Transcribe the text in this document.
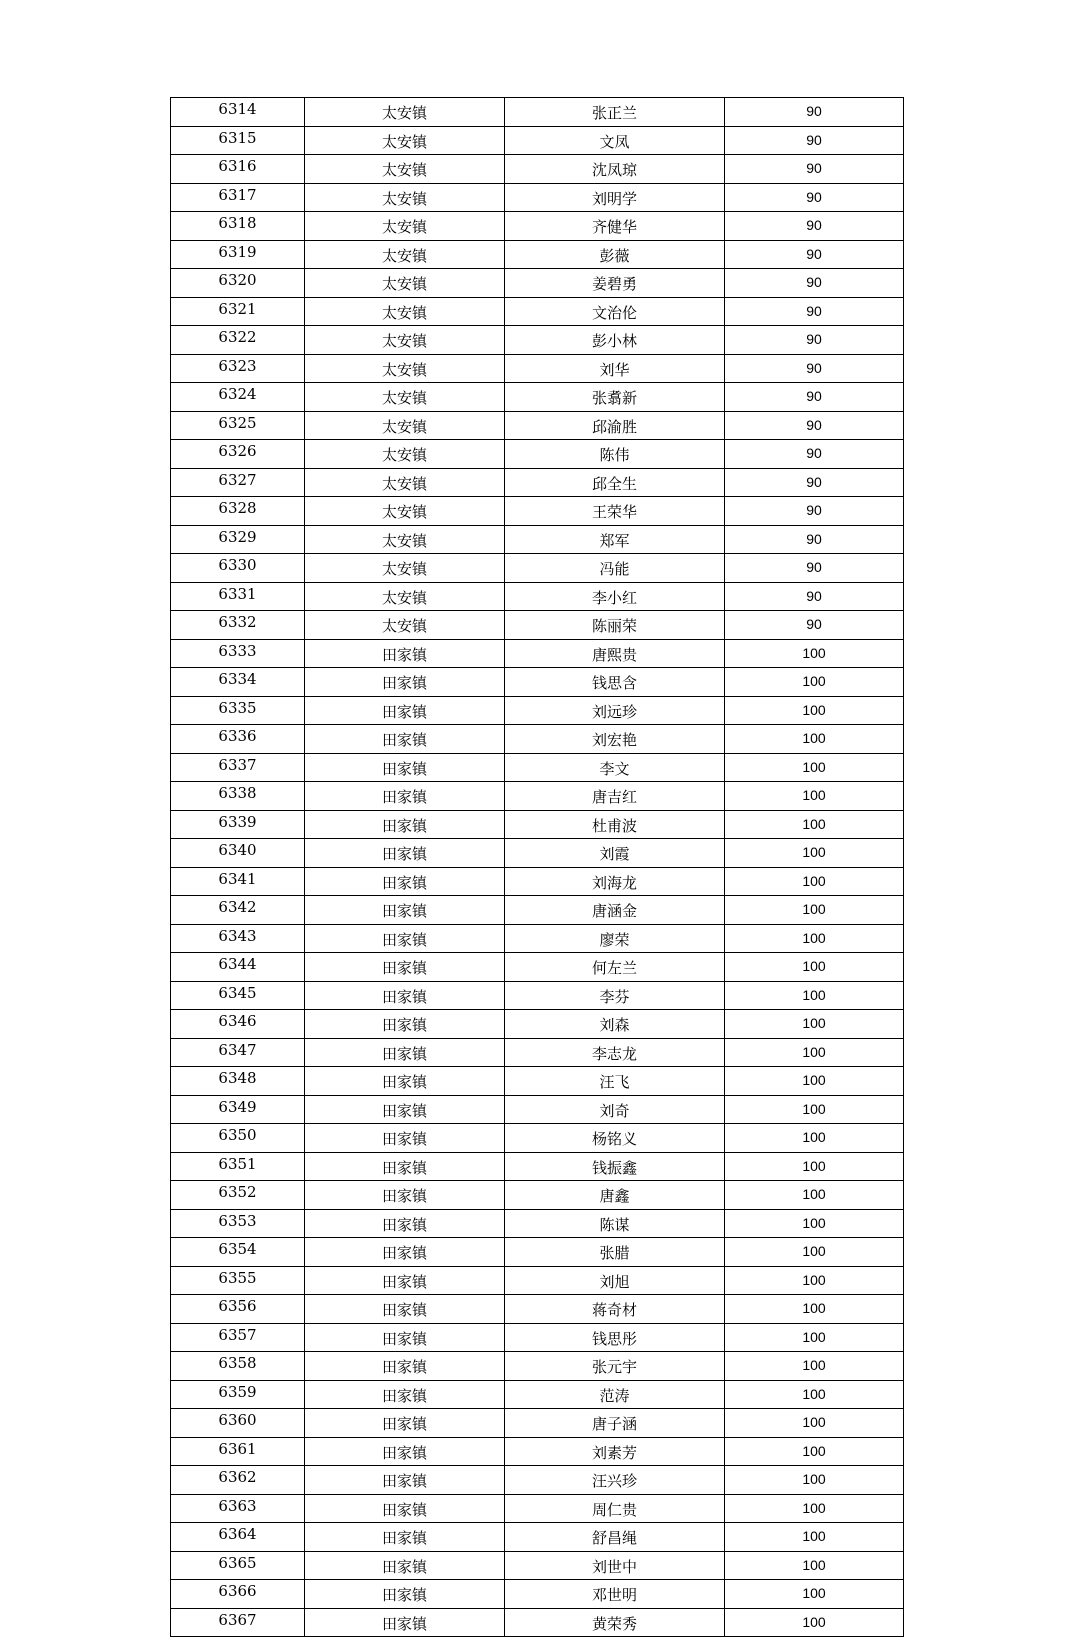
6314	太安镇	张正兰	90
6315	太安镇	文凤	90
6316	太安镇	沈凤琼	90
6317	太安镇	刘明学	90
6318	太安镇	齐健华	90
6319	太安镇	彭薇	90
6320	太安镇	姜碧勇	90
6321	太安镇	文治伦	90
6322	太安镇	彭小林	90
6323	太安镇	刘华	90
6324	太安镇	张翥新	90
6325	太安镇	邱渝胜	90
6326	太安镇	陈伟	90
6327	太安镇	邱全生	90
6328	太安镇	王荣华	90
6329	太安镇	郑军	90
6330	太安镇	冯能	90
6331	太安镇	李小红	90
6332	太安镇	陈丽荣	90
6333	田家镇	唐熙贵	100
6334	田家镇	钱思含	100
6335	田家镇	刘远珍	100
6336	田家镇	刘宏艳	100
6337	田家镇	李文	100
6338	田家镇	唐吉红	100
6339	田家镇	杜甫波	100
6340	田家镇	刘霞	100
6341	田家镇	刘海龙	100
6342	田家镇	唐涵金	100
6343	田家镇	廖荣	100
6344	田家镇	何左兰	100
6345	田家镇	李芬	100
6346	田家镇	刘森	100
6347	田家镇	李志龙	100
6348	田家镇	汪飞	100
6349	田家镇	刘奇	100
6350	田家镇	杨铭义	100
6351	田家镇	钱振鑫	100
6352	田家镇	唐鑫	100
6353	田家镇	陈谋	100
6354	田家镇	张腊	100
6355	田家镇	刘旭	100
6356	田家镇	蒋奇材	100
6357	田家镇	钱思彤	100
6358	田家镇	张元宇	100
6359	田家镇	范涛	100
6360	田家镇	唐子涵	100
6361	田家镇	刘素芳	100
6362	田家镇	汪兴珍	100
6363	田家镇	周仁贵	100
6364	田家镇	舒昌绳	100
6365	田家镇	刘世中	100
6366	田家镇	邓世明	100
6367	田家镇	黄荣秀	100
